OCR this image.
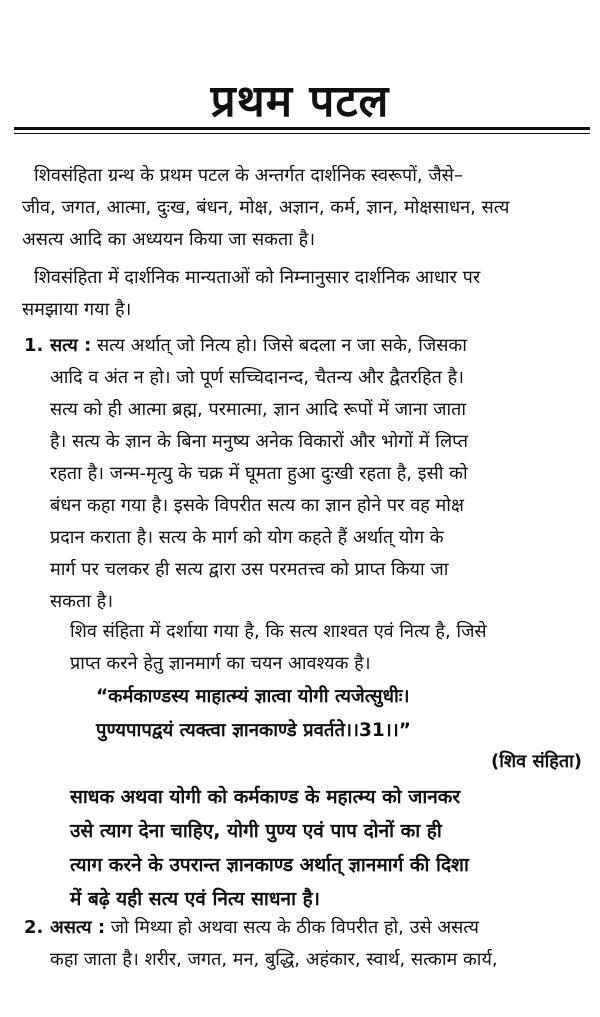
प्रथम पटल
शिवसंहिता ग्रन्थ के प्रथम पटल के अन्तर्गत दार्शनिक स्वरूपों, जैसे–
जीव, जगत, आत्मा, दुःख, बंधन, मोक्ष, अज्ञान, कर्म, ज्ञान, मोक्षसाधन, सत्य
असत्य आदि का अध्ययन किया जा सकता है।
शिवसंहिता में दार्शनिक मान्यताओं को निम्नानुसार दार्शनिक आधार पर
समझाया गया है।
1. सत्य : सत्य अर्थात् जो नित्य हो। जिसे बदला न जा सके, जिसका
आदि व अंत न हो। जो पूर्ण सच्चिदानन्द, चैतन्य और द्वैतरहित है।
सत्य को ही आत्मा ब्रह्म, परमात्मा, ज्ञान आदि रूपों में जाना जाता
है। सत्य के ज्ञान के बिना मनुष्य अनेक विकारों और भोगों में लिप्त
रहता है। जन्म-मृत्यु के चक्र में घूमता हुआ दुःखी रहता है, इसी को
बंधन कहा गया है। इसके विपरीत सत्य का ज्ञान होने पर वह मोक्ष
प्रदान कराता है। सत्य के मार्ग को योग कहते हैं अर्थात् योग के
मार्ग पर चलकर ही सत्य द्वारा उस परमतत्त्व को प्राप्त किया जा
सकता है।
शिव संहिता में दर्शाया गया है, कि सत्य शाश्वत एवं नित्य है, जिसे
प्राप्त करने हेतु ज्ञानमार्ग का चयन आवश्यक है।
“कर्मकाण्डस्य माहात्म्यं ज्ञात्वा योगी त्यजेत्सुधीः।
पुण्यपापद्वयं त्यक्त्वा ज्ञानकाण्डे प्रवर्तते।।31।।”
(शिव संहिता)
साधक अथवा योगी को कर्मकाण्ड के महात्म्य को जानकर
उसे त्याग देना चाहिए, योगी पुण्य एवं पाप दोनों का ही
त्याग करने के उपरान्त ज्ञानकाण्ड अर्थात् ज्ञानमार्ग की दिशा
में बढ़े यही सत्य एवं नित्य साधना है।
2. असत्य : जो मिथ्या हो अथवा सत्य के ठीक विपरीत हो, उसे असत्य
कहा जाता है। शरीर, जगत, मन, बुद्धि, अहंकार, स्वार्थ, सत्काम कार्य,
